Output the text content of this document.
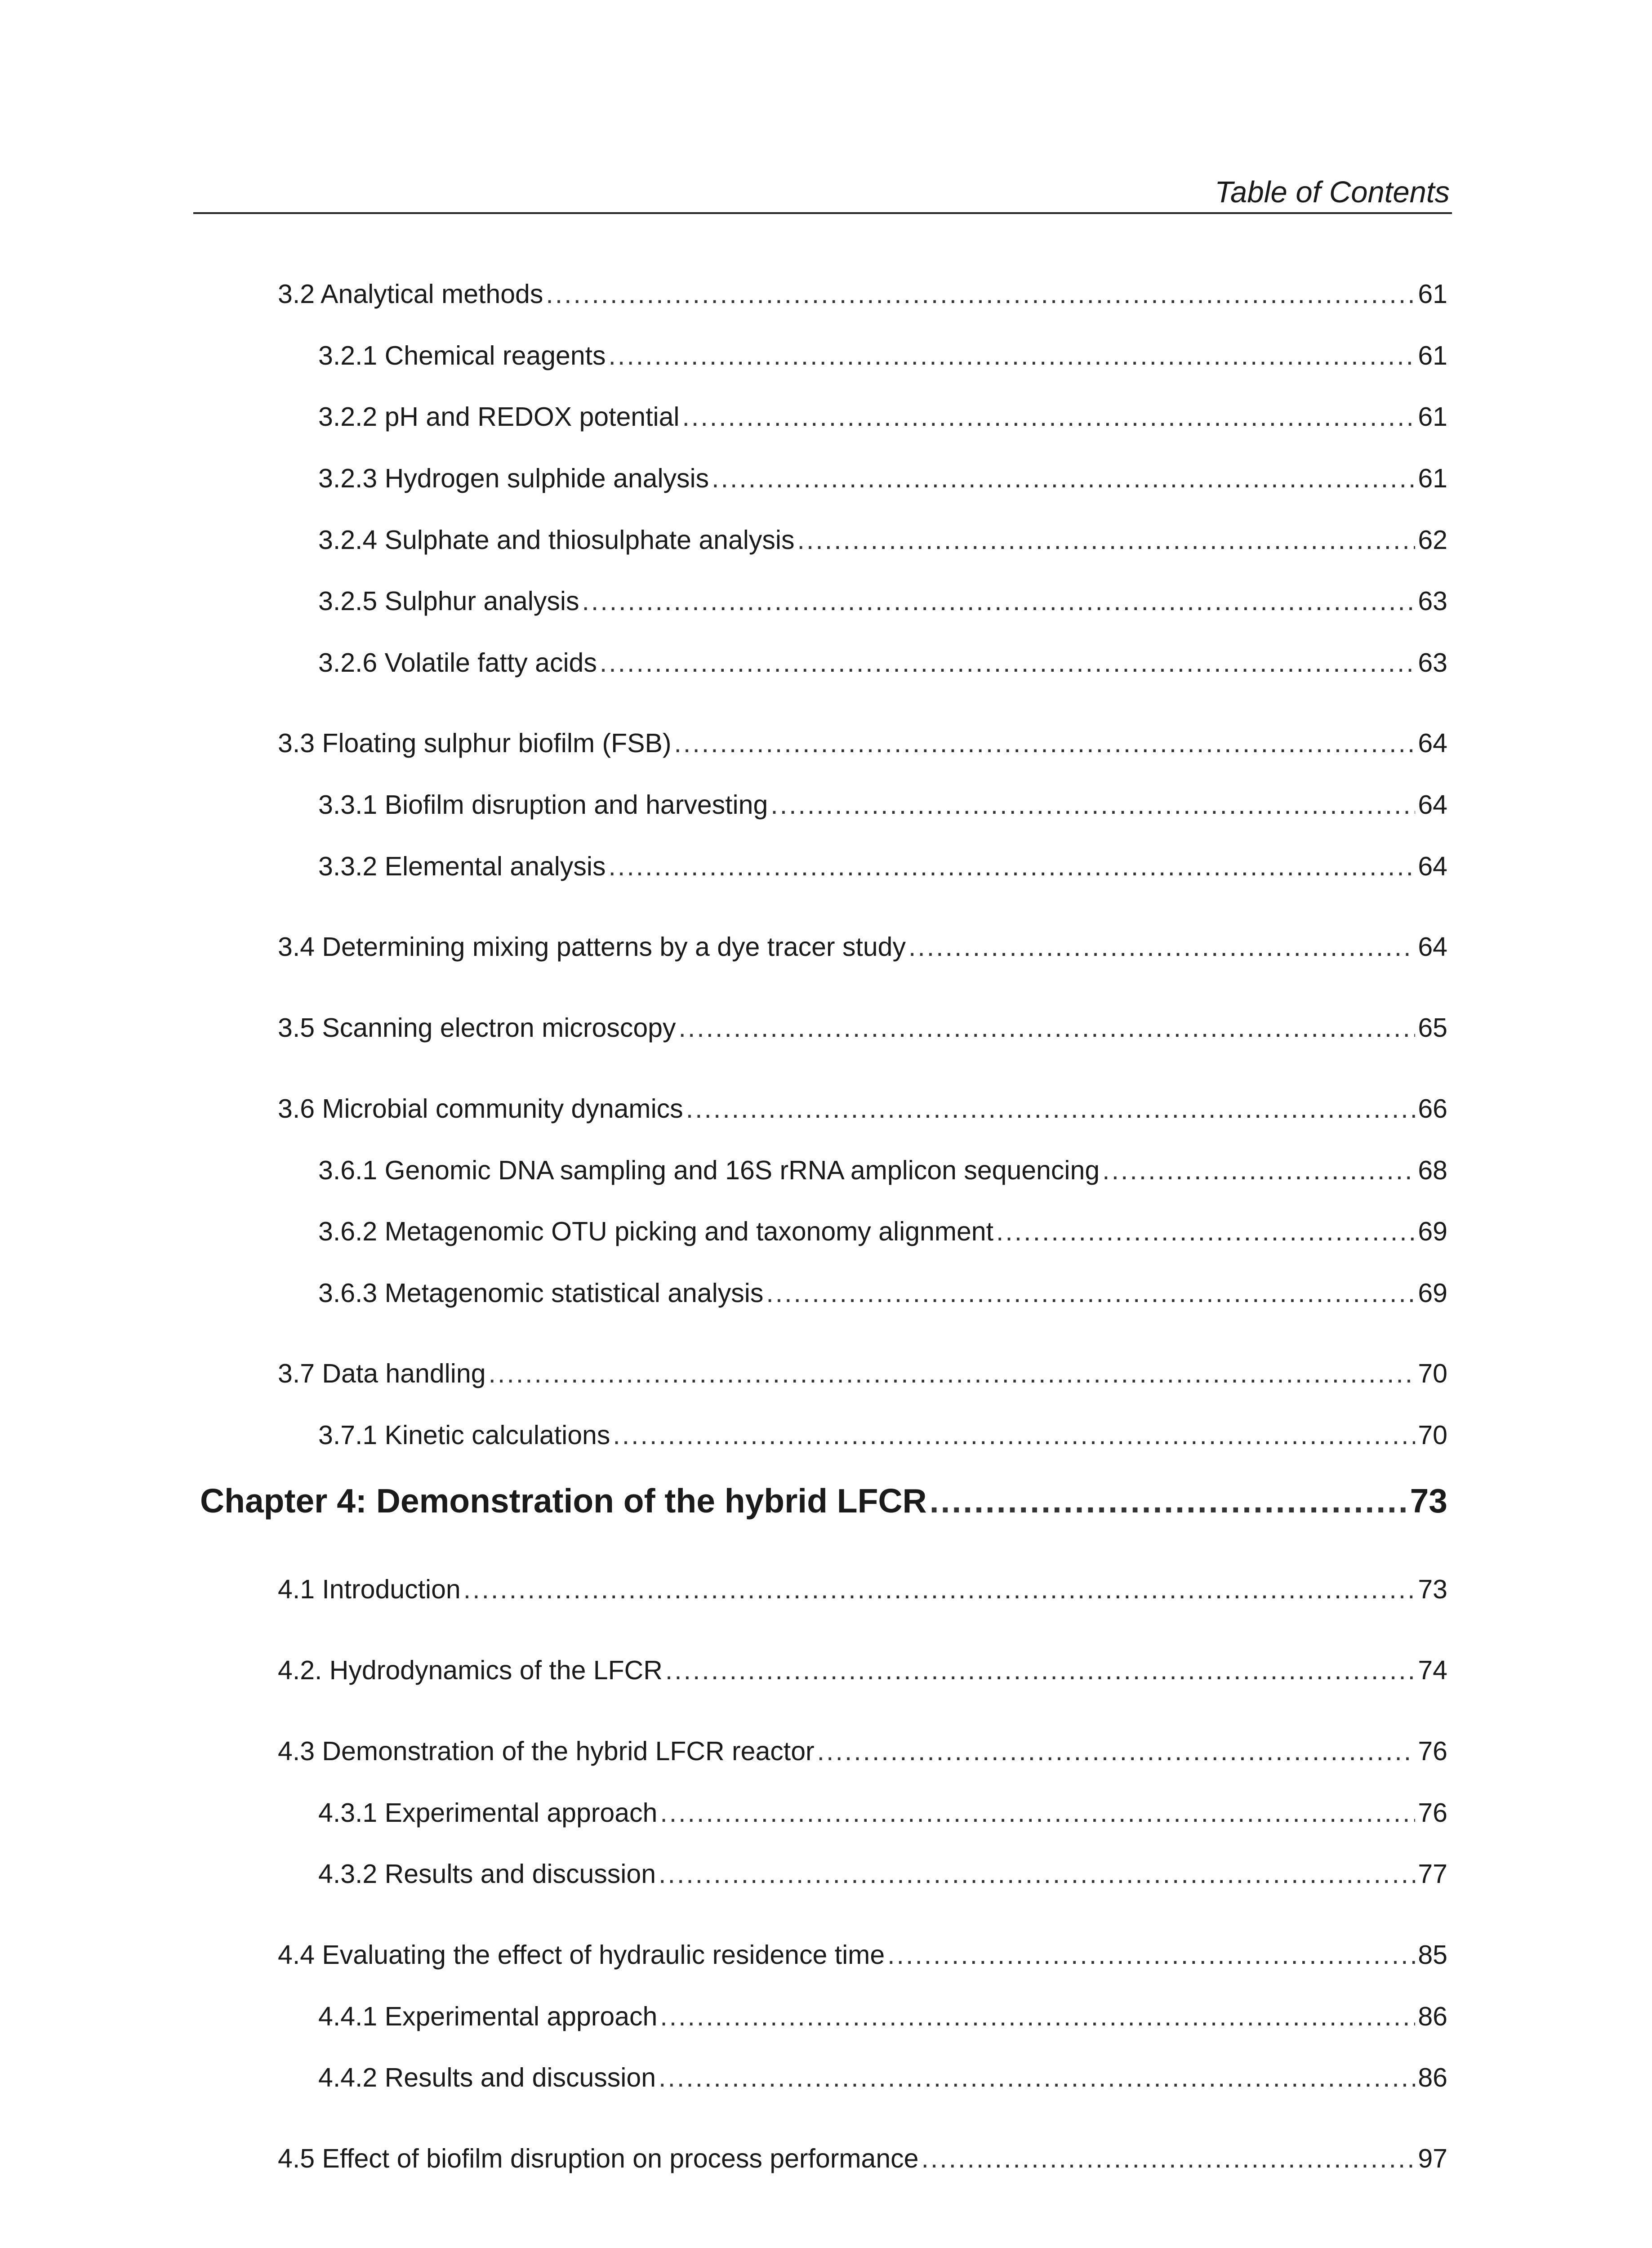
Table of Contents
3.2 Analytical methods .....	61
3.2.1 Chemical reagents .....	61
3.2.2 pH and REDOX potential .....	61
3.2.3 Hydrogen sulphide analysis .....	61
3.2.4 Sulphate and thiosulphate analysis .....	62
3.2.5 Sulphur analysis .....	63
3.2.6 Volatile fatty acids .....	63
3.3 Floating sulphur biofilm (FSB) .....	64
3.3.1 Biofilm disruption and harvesting .....	64
3.3.2 Elemental analysis .....	64
3.4 Determining mixing patterns by a dye tracer study .....	64
3.5 Scanning electron microscopy .....	65
3.6 Microbial community dynamics .....	66
3.6.1 Genomic DNA sampling and 16S rRNA amplicon sequencing .....	68
3.6.2 Metagenomic OTU picking and taxonomy alignment .....	69
3.6.3 Metagenomic statistical analysis .....	69
3.7 Data handling .....	70
3.7.1 Kinetic calculations .....	70
Chapter 4: Demonstration of the hybrid LFCR .....	73
4.1 Introduction .....	73
4.2. Hydrodynamics of the LFCR .....	74
4.3 Demonstration of the hybrid LFCR reactor .....	76
4.3.1 Experimental approach .....	76
4.3.2 Results and discussion .....	77
4.4 Evaluating the effect of hydraulic residence time .....	85
4.4.1 Experimental approach .....	86
4.4.2 Results and discussion .....	86
4.5 Effect of biofilm disruption on process performance .....	97
